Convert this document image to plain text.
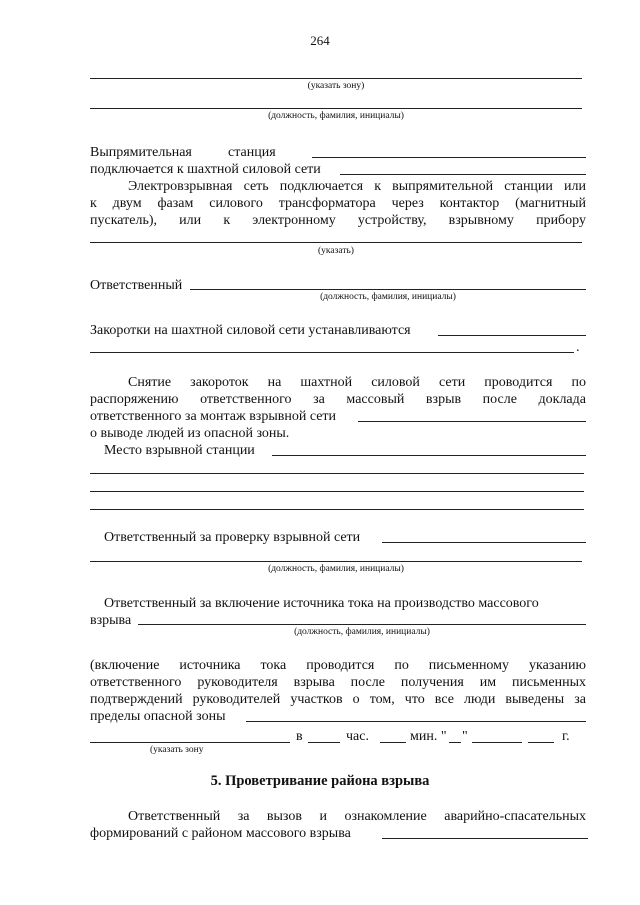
264
(указать зону)
(должность, фамилия, инициалы)
Выпрямительная	станция
подключается к шахтной силовой сети
Электровзрывная сеть подключается к выпрямительной станции или
к двум фазам силового трансформатора через контактор (магнитный
пускатель), или к электронному устройству, взрывному прибору
(указать)
Ответственный
(должность, фамилия, инициалы)
Закоротки на шахтной силовой сети устанавливаются
.
Снятие закороток на шахтной силовой сети проводится по
распоряжению ответственного за массовый взрыв после доклада
ответственного за монтаж взрывной сети
о выводе людей из опасной зоны.
Место взрывной станции
Ответственный за проверку взрывной сети
(должность, фамилия, инициалы)
Ответственный за включение источника тока на производство массового
взрыва
(должность, фамилия, инициалы)
(включение источника тока проводится по письменному указанию
ответственного руководителя взрыва после получения им письменных
подтверждений руководителей участков о том, что все люди выведены за
пределы опасной зоны
в	час.	мин. " "	г.
(указать зону
5. Проветривание района взрыва
Ответственный за вызов и ознакомление аварийно-спасательных
формирований с районом массового взрыва
